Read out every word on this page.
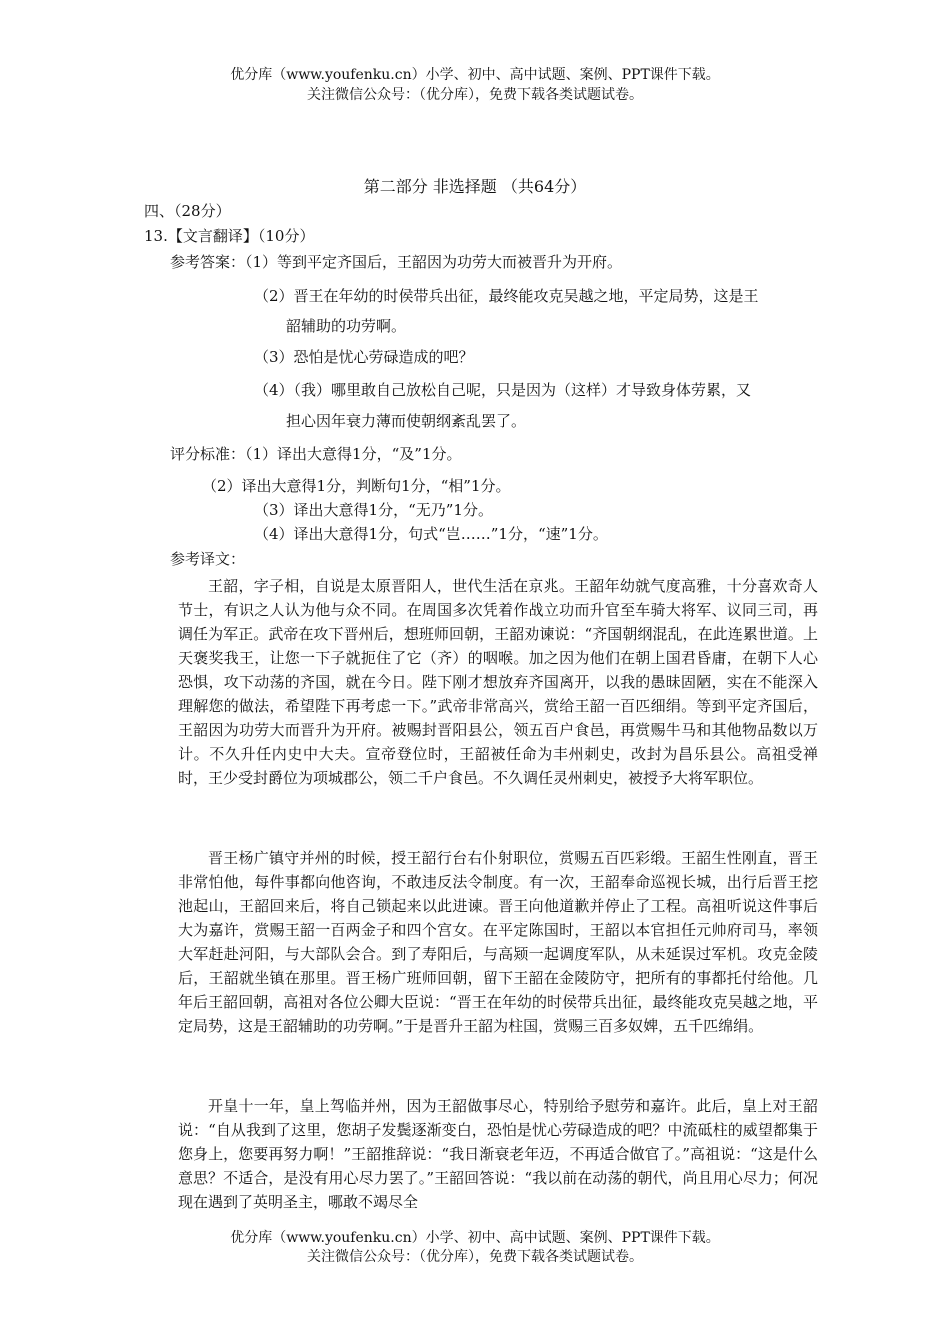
优分库（www.youfenku.cn）小学、初中、高中试题、案例、PPT课件下载。
关注微信公众号：（优分库），免费下载各类试题试卷。
第二部分 非选择题 （共64分）
四、（28分）
13.【文言翻译】（10分）
参考答案：（1）等到平定齐国后，王韶因为功劳大而被晋升为开府。
（2）晋王在年幼的时侯带兵出征，最终能攻克吴越之地，平定局势，这是王
韶辅助的功劳啊。
（3）恐怕是忧心劳碌造成的吧？
（4）（我）哪里敢自己放松自己呢，只是因为（这样）才导致身体劳累，又
担心因年衰力薄而使朝纲紊乱罢了。
评分标准：（1）译出大意得1分，“及”1分。
（2）译出大意得1分，判断句1分，“相”1分。
（3）译出大意得1分，“无乃”1分。
（4）译出大意得1分，句式“岂……”1分，“速”1分。
参考译文：

王韶，字子相，自说是太原晋阳人，世代生活在京兆。王韶年幼就气度高雅，十分喜欢奇人节士，有识之人认为他与众不同。在周国多次凭着作战立功而升官至车骑大将军、议同三司，再调任为军正。武帝在攻下晋州后，想班师回朝，王韶劝谏说：“齐国朝纲混乱，在此连累世道。上天褒奖我王，让您一下子就扼住了它（齐）的咽喉。加之因为他们在朝上国君昏庸，在朝下人心恐惧，攻下动荡的齐国，就在今日。陛下刚才想放弃齐国离开，以我的愚昧固陋，实在不能深入理解您的做法，希望陛下再考虑一下。”武帝非常高兴，赏给王韶一百匹细绢。等到平定齐国后，王韶因为功劳大而晋升为开府。被赐封晋阳县公，领五百户食邑，再赏赐牛马和其他物品数以万计。不久升任内史中大夫。宣帝登位时，王韶被任命为丰州刺史，改封为昌乐县公。高祖受禅时，王少受封爵位为项城郡公，领二千户食邑。不久调任灵州刺史，被授予大将军职位。

晋王杨广镇守并州的时候，授王韶行台右仆射职位，赏赐五百匹彩缎。王韶生性刚直，晋王非常怕他，每件事都向他咨询，不敢违反法令制度。有一次，王韶奉命巡视长城，出行后晋王挖池起山，王韶回来后，将自己锁起来以此进谏。晋王向他道歉并停止了工程。高祖听说这件事后大为嘉许，赏赐王韶一百两金子和四个宫女。在平定陈国时，王韶以本官担任元帅府司马，率领大军赶赴河阳，与大部队会合。到了寿阳后，与高颎一起调度军队，从未延误过军机。攻克金陵后，王韶就坐镇在那里。晋王杨广班师回朝，留下王韶在金陵防守，把所有的事都托付给他。几年后王韶回朝，高祖对各位公卿大臣说：“晋王在年幼的时侯带兵出征，最终能攻克吴越之地，平定局势，这是王韶辅助的功劳啊。”于是晋升王韶为柱国，赏赐三百多奴婢，五千匹绵绢。

开皇十一年，皇上驾临并州，因为王韶做事尽心，特别给予慰劳和嘉许。此后，皇上对王韶说：“自从我到了这里，您胡子发鬓逐渐变白，恐怕是忧心劳碌造成的吧？中流砥柱的威望都集于您身上，您要再努力啊！”王韶推辞说：“我日渐衰老年迈，不再适合做官了。”高祖说：“这是什么意思？不适合，是没有用心尽力罢了。”王韶回答说：“我以前在动荡的朝代，尚且用心尽力；何况现在遇到了英明圣主，哪敢不竭尽全

优分库（www.youfenku.cn）小学、初中、高中试题、案例、PPT课件下载。
关注微信公众号：（优分库），免费下载各类试题试卷。
